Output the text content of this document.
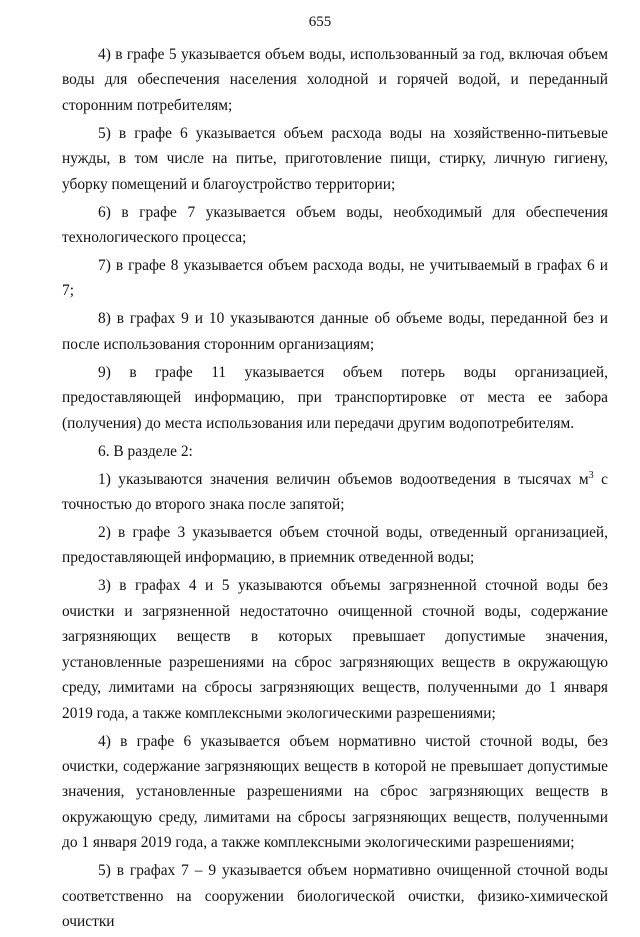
655

4) в графе 5 указывается объем воды, использованный за год, включая объем воды для обеспечения населения холодной и горячей водой, и переданный сторонним потребителям;

5) в графе 6 указывается объем расхода воды на хозяйственно-питьевые нужды, в том числе на питье, приготовление пищи, стирку, личную гигиену, уборку помещений и благоустройство территории;

6) в графе 7 указывается объем воды, необходимый для обеспечения технологического процесса;

7) в графе 8 указывается объем расхода воды, не учитываемый в графах 6 и 7;

8) в графах 9 и 10 указываются данные об объеме воды, переданной без и после использования сторонним организациям;

9) в графе 11 указывается объем потерь воды организацией, предоставляющей информацию, при транспортировке от места ее забора (получения) до места использования или передачи другим водопотребителям.

6. В разделе 2:

1) указываются значения величин объемов водоотведения в тысячах $м^3$ с точностью до второго знака после запятой;

2) в графе 3 указывается объем сточной воды, отведенный организацией, предоставляющей информацию, в приемник отведенной воды;

3) в графах 4 и 5 указываются объемы загрязненной сточной воды без очистки и загрязненной недостаточно очищенной сточной воды, содержание загрязняющих веществ в которых превышает допустимые значения, установленные разрешениями на сброс загрязняющих веществ в окружающую среду, лимитами на сбросы загрязняющих веществ, полученными до 1 января 2019 года, а также комплексными экологическими разрешениями;

4) в графе 6 указывается объем нормативно чистой сточной воды, без очистки, содержание загрязняющих веществ в которой не превышает допустимые значения, установленные разрешениями на сброс загрязняющих веществ в окружающую среду, лимитами на сбросы загрязняющих веществ, полученными до 1 января 2019 года, а также комплексными экологическими разрешениями;

5) в графах 7 – 9 указывается объем нормативно очищенной сточной воды соответственно на сооружении биологической очистки, физико-химической очистки
